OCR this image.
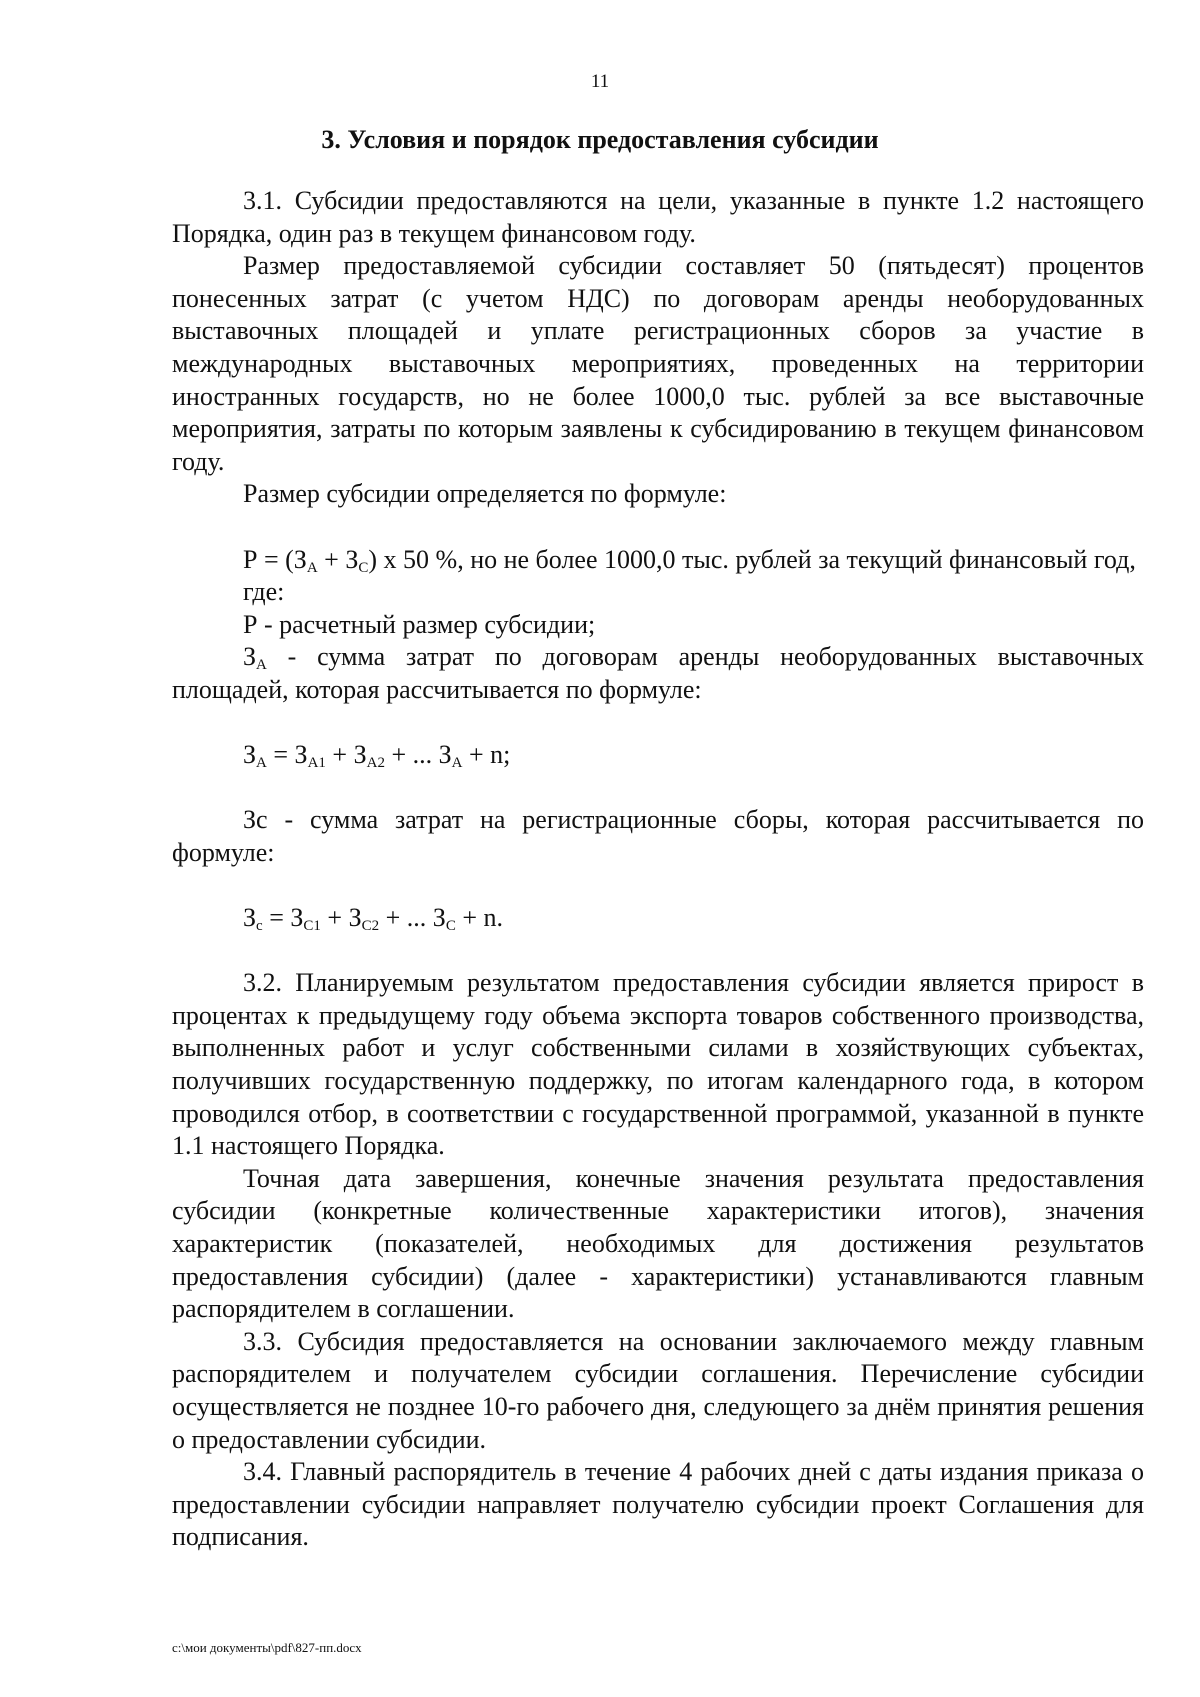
11
3. Условия и порядок предоставления субсидии

3.1. Субсидии предоставляются на цели, указанные в пункте 1.2 настоящего Порядка, один раз в текущем финансовом году.

Размер предоставляемой субсидии составляет 50 (пятьдесят) процентов понесенных затрат (с учетом НДС) по договорам аренды необорудованных выставочных площадей и уплате регистрационных сборов за участие в международных выставочных мероприятиях, проведенных на территории иностранных государств, но не более 1000,0 тыс. рублей за все выставочные мероприятия, затраты по которым заявлены к субсидированию в текущем финансовом году.

Размер субсидии определяется по формуле:

$Р = (З_А + З_С)$ х 50 %, но не более 1000,0 тыс. рублей за текущий финансовый год,

где:

Р - расчетный размер субсидии;

$З_А$ - сумма затрат по договорам аренды необорудованных выставочных площадей, которая рассчитывается по формуле:

$З_А = З_{А1} + З_{А2}$ + ... $З_А + n$;

Зс - сумма затрат на регистрационные сборы, которая рассчитывается по формуле:

$З_с = З_{С1} + З_{С2}$ + ... $З_С + n$.

3.2. Планируемым результатом предоставления субсидии является прирост в процентах к предыдущему году объема экспорта товаров собственного производства, выполненных работ и услуг собственными силами в хозяйствующих субъектах, получивших государственную поддержку, по итогам календарного года, в котором проводился отбор, в соответствии с государственной программой, указанной в пункте 1.1 настоящего Порядка.

Точная дата завершения, конечные значения результата предоставления субсидии (конкретные количественные характеристики итогов), значения характеристик (показателей, необходимых для достижения результатов предоставления субсидии) (далее - характеристики) устанавливаются главным распорядителем в соглашении.

3.3. Субсидия предоставляется на основании заключаемого между главным распорядителем и получателем субсидии соглашения. Перечисление субсидии осуществляется не позднее 10-го рабочего дня, следующего за днём принятия решения о предоставлении субсидии.

3.4. Главный распорядитель в течение 4 рабочих дней с даты издания приказа о предоставлении субсидии направляет получателю субсидии проект Соглашения для подписания.

c:\мои документы\pdf\827-пп.docx
